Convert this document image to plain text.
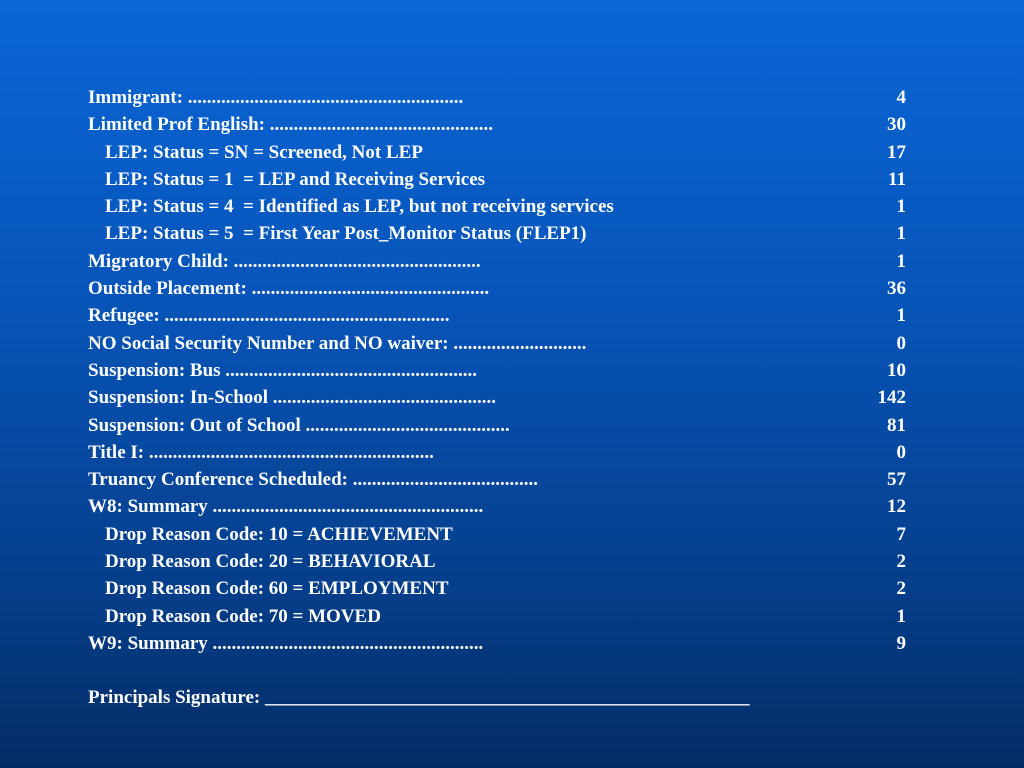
Immigrant: ..........................................................	4
Limited Prof English: ...............................................	30
LEP: Status = SN = Screened, Not LEP	17
LEP: Status = 1  = LEP and Receiving Services	11
LEP: Status = 4  = Identified as LEP, but not receiving services	1
LEP: Status = 5  = First Year Post_Monitor Status (FLEP1)	1
Migratory Child: ....................................................	1
Outside Placement: ..................................................	36
Refugee: ............................................................	1
NO Social Security Number and NO waiver: ............................	0
Suspension: Bus .....................................................	10
Suspension: In-School ...............................................	142
Suspension: Out of School ...........................................	81
Title I: ............................................................	0
Truancy Conference Scheduled: .......................................	57
W8: Summary .........................................................	12
Drop Reason Code: 10 = ACHIEVEMENT	7
Drop Reason Code: 20 = BEHAVIORAL	2
Drop Reason Code: 60 = EMPLOYMENT	2
Drop Reason Code: 70 = MOVED	1
W9: Summary .........................................................	9
Principals Signature: ___________________________________________________
